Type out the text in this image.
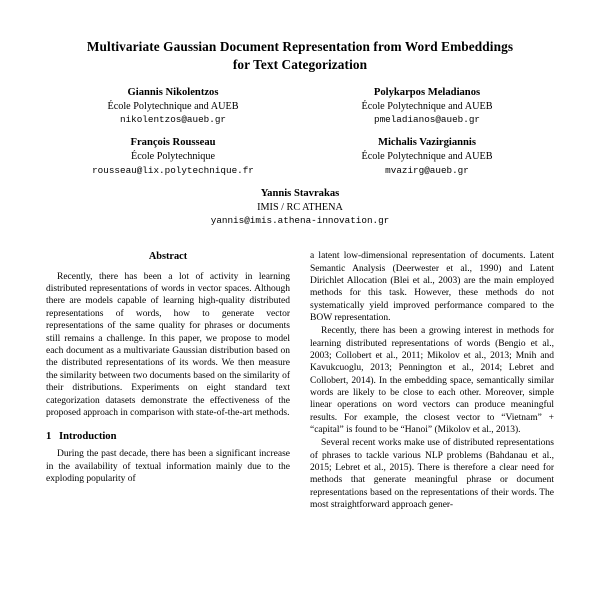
Multivariate Gaussian Document Representation from Word Embeddings
for Text Categorization
Giannis Nikolentzos
École Polytechnique and AUEB
nikolentzos@aueb.gr
Polykarpos Meladianos
École Polytechnique and AUEB
pmeladianos@aueb.gr
François Rousseau
École Polytechnique
rousseau@lix.polytechnique.fr
Michalis Vazirgiannis
École Polytechnique and AUEB
mvazirg@aueb.gr
Yannis Stavrakas
IMIS / RC ATHENA
yannis@imis.athena-innovation.gr
Abstract

Recently, there has been a lot of activity in learning distributed representations of words in vector spaces. Although there are models capable of learning high-quality distributed representations of words, how to generate vector representations of the same quality for phrases or documents still remains a challenge. In this paper, we propose to model each document as a multivariate Gaussian distribution based on the distributed representations of its words. We then measure the similarity between two documents based on the similarity of their distributions. Experiments on eight standard text categorization datasets demonstrate the effectiveness of the proposed approach in comparison with state-of-the-art methods.

1 Introduction

During the past decade, there has been a significant increase in the availability of textual information mainly due to the exploding popularity of

a latent low-dimensional representation of documents. Latent Semantic Analysis (Deerwester et al., 1990) and Latent Dirichlet Allocation (Blei et al., 2003) are the main employed methods for this task. However, these methods do not systematically yield improved performance compared to the BOW representation.

Recently, there has been a growing interest in methods for learning distributed representations of words (Bengio et al., 2003; Collobert et al., 2011; Mikolov et al., 2013; Mnih and Kavukcuoglu, 2013; Pennington et al., 2014; Lebret and Collobert, 2014). In the embedding space, semantically similar words are likely to be close to each other. Moreover, simple linear operations on word vectors can produce meaningful results. For example, the closest vector to “Vietnam” + “capital” is found to be “Hanoi” (Mikolov et al., 2013).

Several recent works make use of distributed representations of phrases to tackle various NLP problems (Bahdanau et al., 2015; Lebret et al., 2015). There is therefore a clear need for methods that generate meaningful phrase or document representations based on the representations of their words. The most straightforward approach gener-
